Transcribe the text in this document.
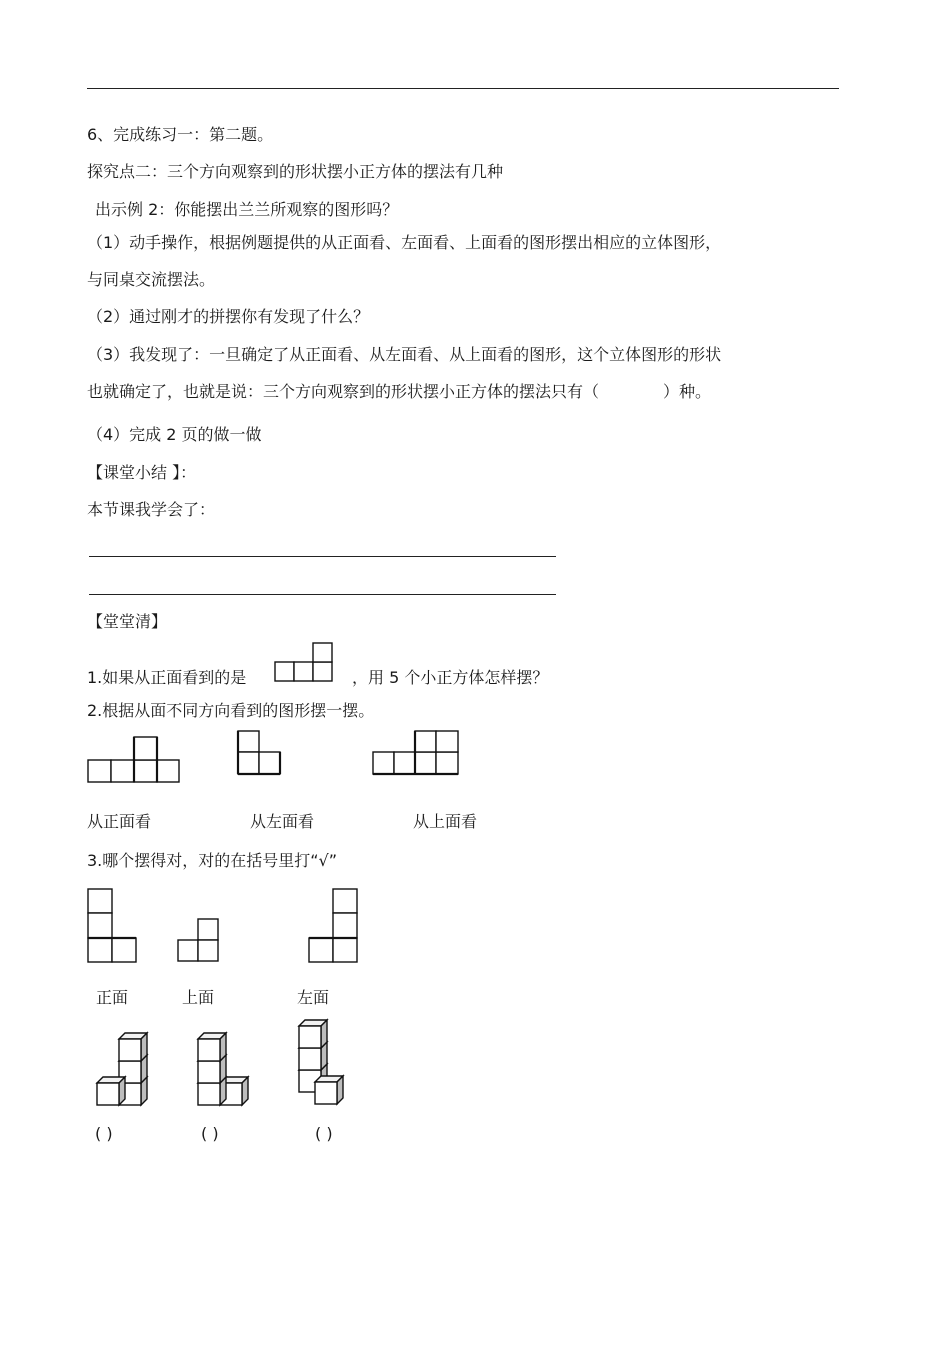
6、完成练习一：第二题。
探究点二：三个方向观察到的形状摆小正方体的摆法有几种
出示例 2：你能摆出兰兰所观察的图形吗？
（1）动手操作，根据例题提供的从正面看、左面看、上面看的图形摆出相应的立体图形，
与同桌交流摆法。
（2）通过刚才的拼摆你有发现了什么？
（3）我发现了：一旦确定了从正面看、从左面看、从上面看的图形，这个立体图形的形状
也就确定了，也就是说：三个方向观察到的形状摆小正方体的摆法只有（　　　　）种。
（4）完成 2 页的做一做
【课堂小结 】：
本节课我学会了：
【堂堂清】
1.如果从正面看到的是	，用 5 个小正方体怎样摆？
2.根据从面不同方向看到的图形摆一摆。
从正面看	从左面看	从上面看
3.哪个摆得对，对的在括号里打“√”
正面	上面	左面
( )	( )	( )
